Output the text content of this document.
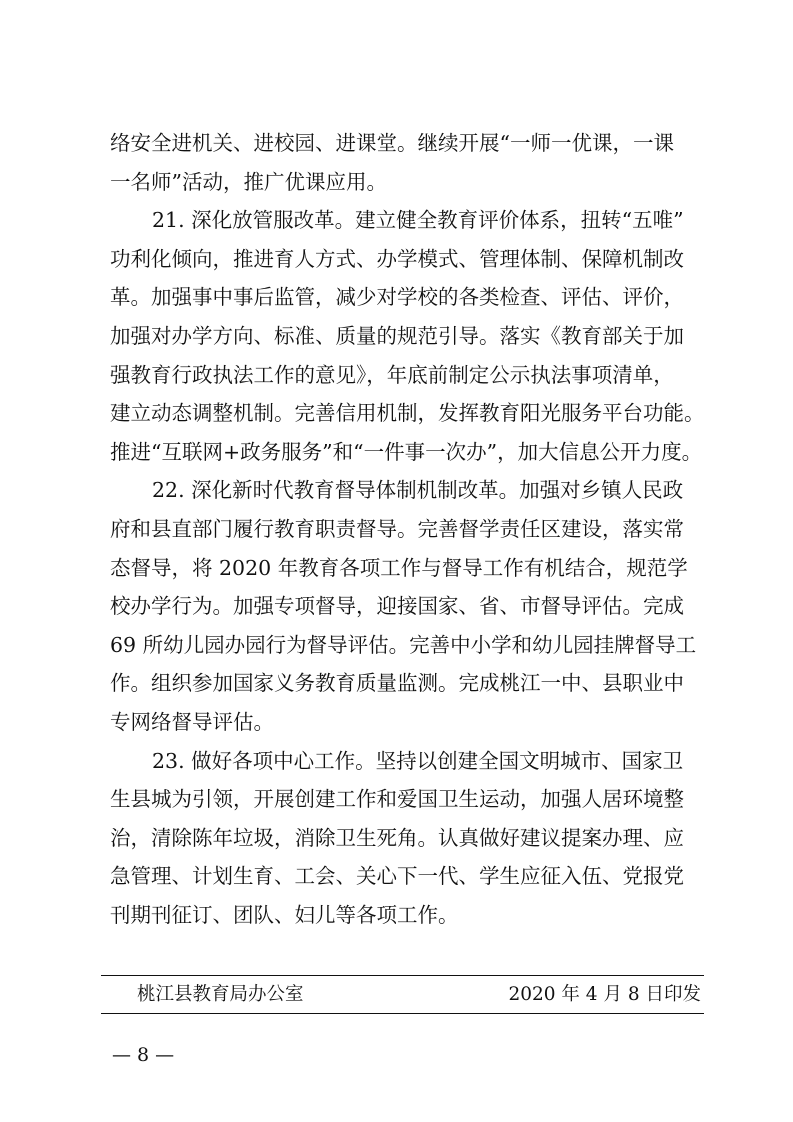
络安全进机关、进校园、进课堂。继续开展“一师一优课，一课
一名师”活动，推广优课应用。

21. 深化放管服改革。建立健全教育评价体系，扭转“五唯”
功利化倾向，推进育人方式、办学模式、管理体制、保障机制改
革。加强事中事后监管，减少对学校的各类检查、评估、评价，
加强对办学方向、标准、质量的规范引导。落实《教育部关于加
强教育行政执法工作的意见》，年底前制定公示执法事项清单，
建立动态调整机制。完善信用机制，发挥教育阳光服务平台功能。
推进“互联网+政务服务”和“一件事一次办”，加大信息公开力度。

22. 深化新时代教育督导体制机制改革。加强对乡镇人民政
府和县直部门履行教育职责督导。完善督学责任区建设，落实常
态督导，将 2020 年教育各项工作与督导工作有机结合，规范学
校办学行为。加强专项督导，迎接国家、省、市督导评估。完成
69 所幼儿园办园行为督导评估。完善中小学和幼儿园挂牌督导工
作。组织参加国家义务教育质量监测。完成桃江一中、县职业中
专网络督导评估。

23. 做好各项中心工作。坚持以创建全国文明城市、国家卫
生县城为引领，开展创建工作和爱国卫生运动，加强人居环境整
治，清除陈年垃圾，消除卫生死角。认真做好建议提案办理、应
急管理、计划生育、工会、关心下一代、学生应征入伍、党报党
刊期刊征订、团队、妇儿等各项工作。

桃江县教育局办公室	2020 年 4 月 8 日印发
— 8 —
